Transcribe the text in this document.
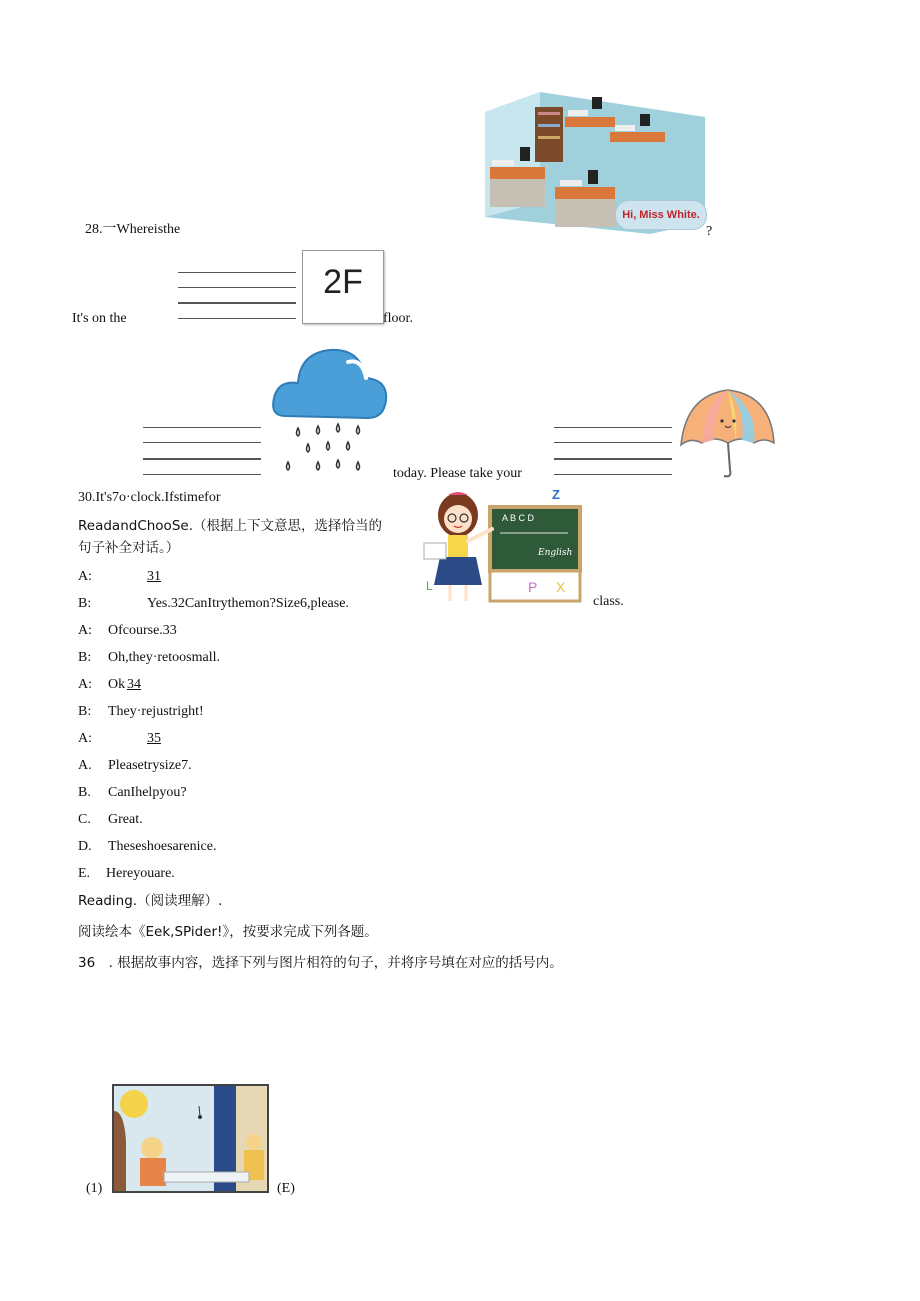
Hi, Miss White.
28.一Whereisthe	?
It's on the
2F
floor.
today. Please take your
30.It's7o·clock.Ifstimefor
P X
Z
L
A B C D
English
class.
ReadandChooSe.（根据上下文意思，选择恰当的
句子补全对话。）
A:	31
B:	Yes.32CanItrythemon?Size6,please.
A: Ofcourse.33
B: Oh,they·retoosmall.
A: Ok 34
B: They·rejustright!
A:	35
A. Pleasetrysize7.
B. CanIhelpyou?
C. Great.
D. Theseshoesarenice.
E. Hereyouare.
Reading.（阅读理解）.
阅读绘本《Eek,SPider!》，按要求完成下列各题。
36　. 根据故事内容，选择下列与图片相符的句子，并将序号填在对应的括号内。
(1)	(E)
